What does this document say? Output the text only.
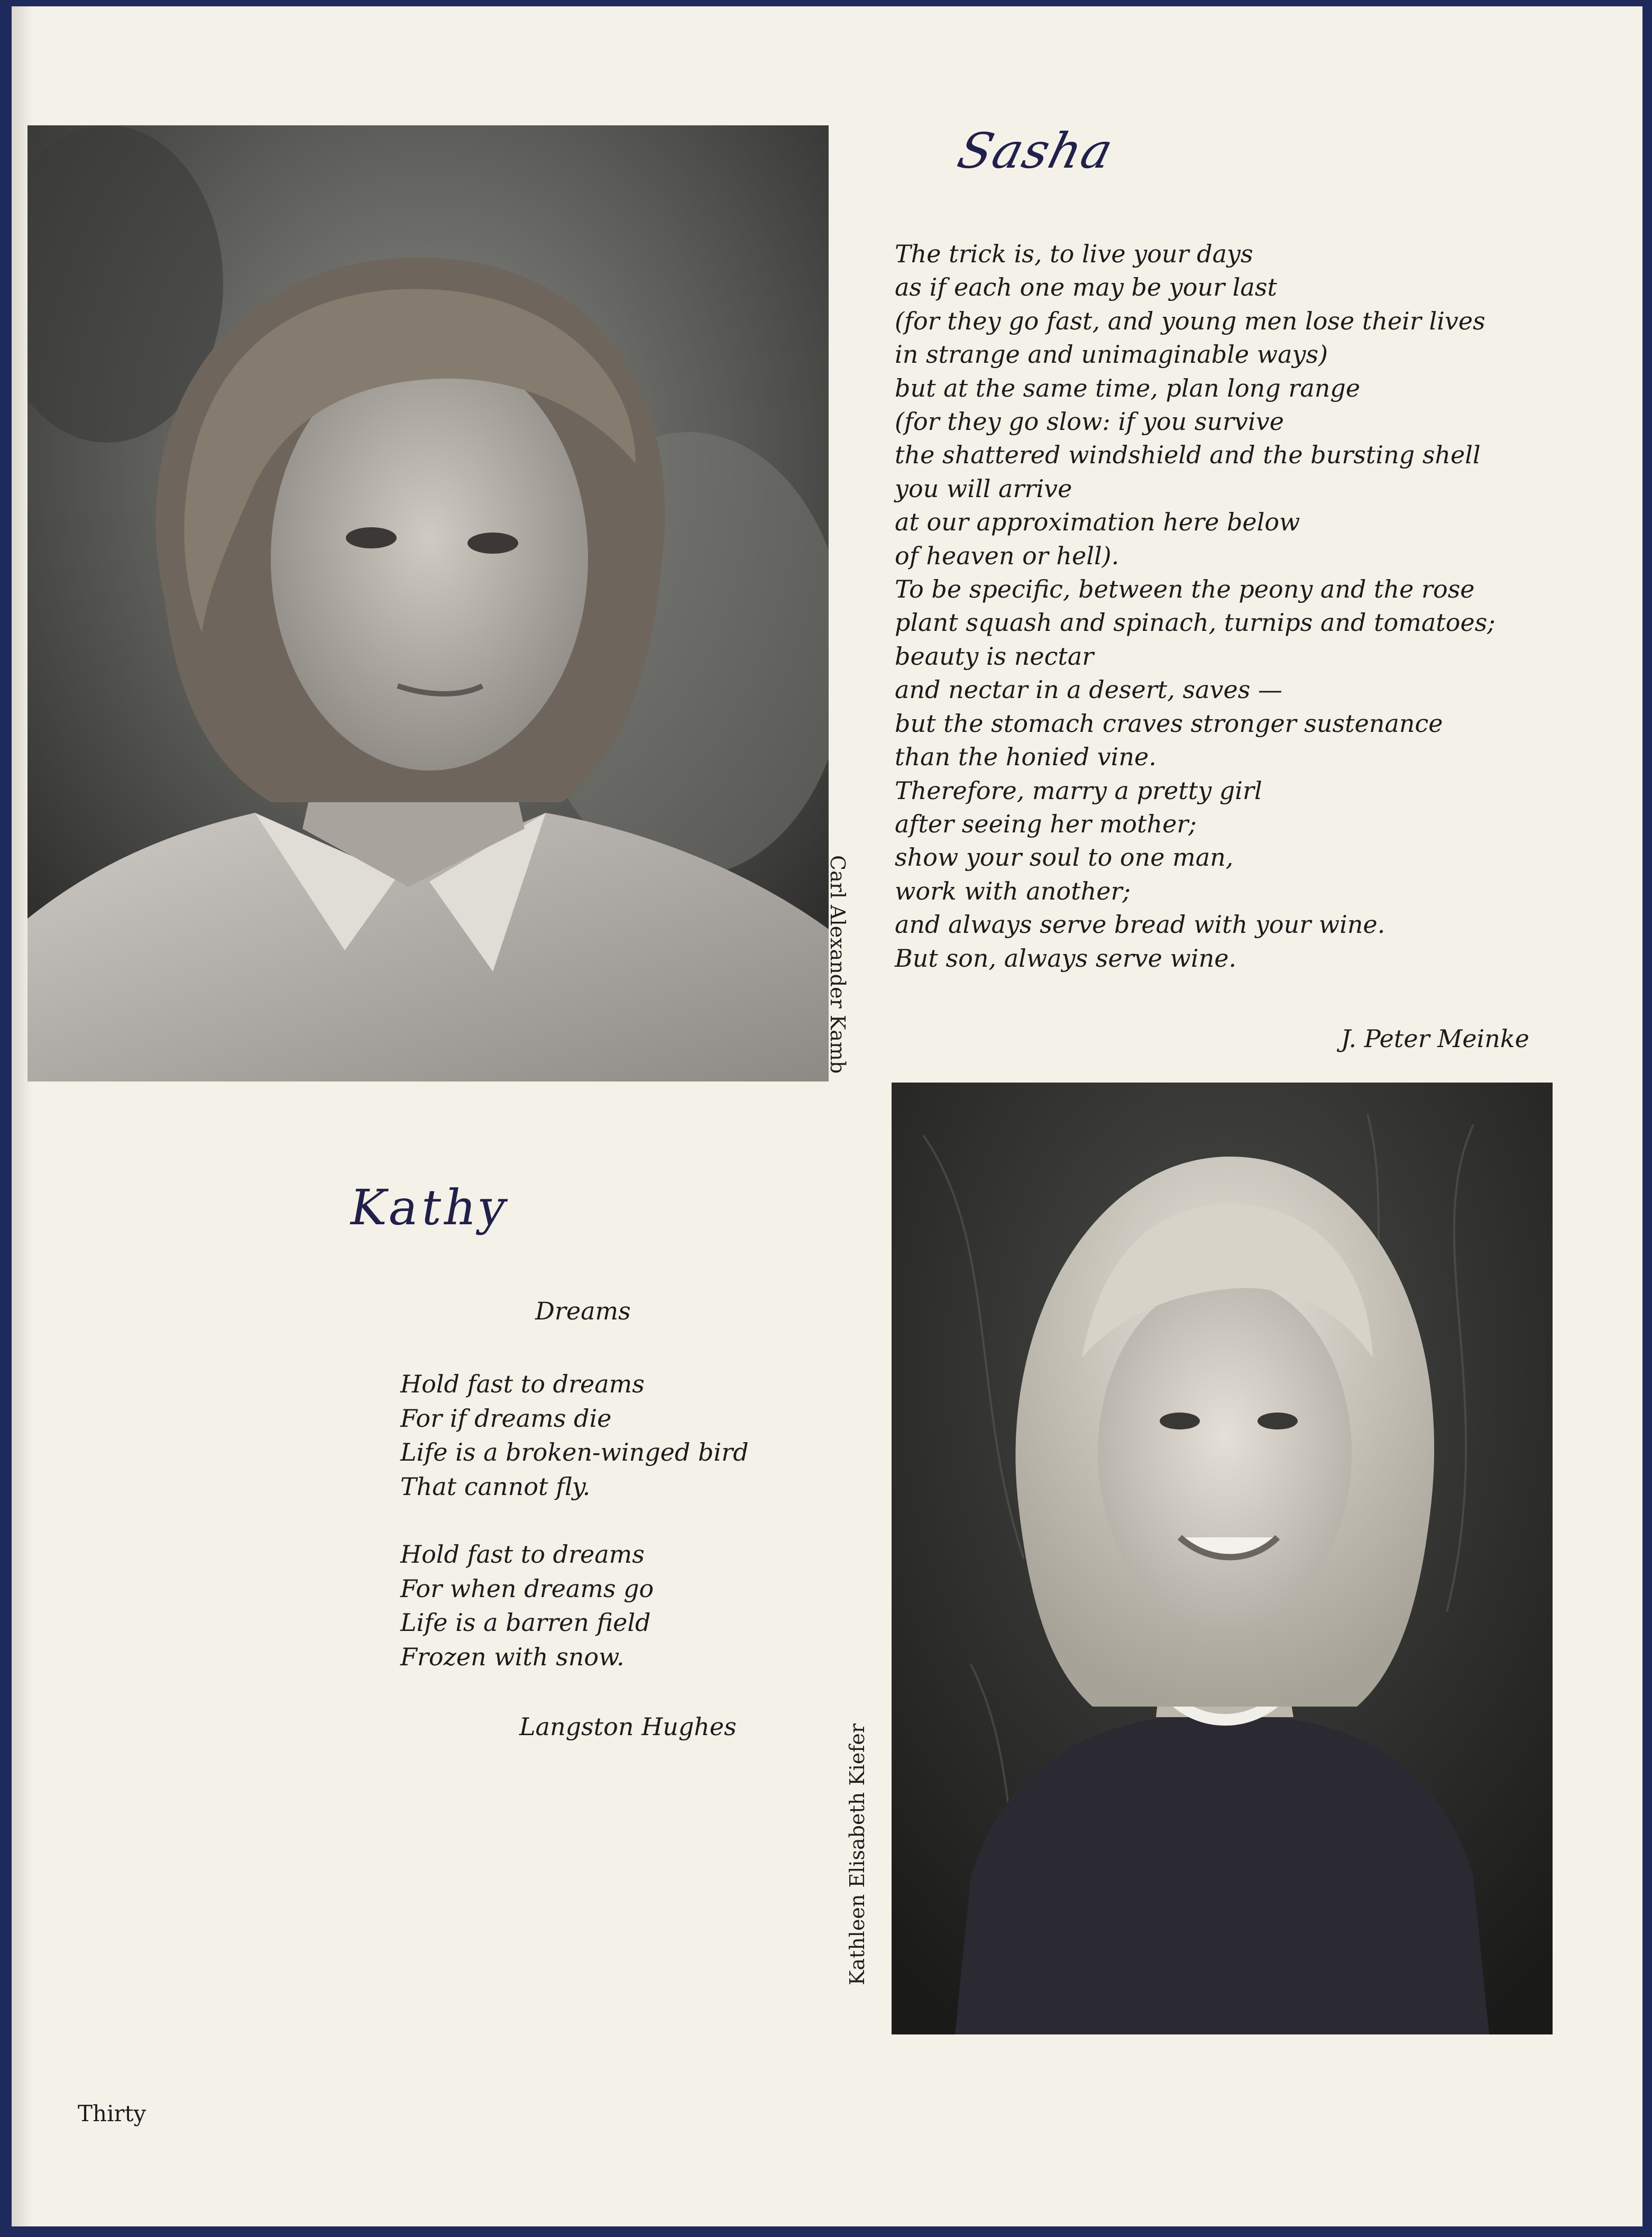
Carl Alexander Kamb
Sasha
The trick is, to live your days
as if each one may be your last
(for they go fast, and young men lose their lives
in strange and unimaginable ways)
but at the same time, plan long range
(for they go slow: if you survive
the shattered windshield and the bursting shell
you will arrive
at our approximation here below
of heaven or hell).
To be specific, between the peony and the rose
plant squash and spinach, turnips and tomatoes;
beauty is nectar
and nectar in a desert, saves —
but the stomach craves stronger sustenance
than the honied vine.
Therefore, marry a pretty girl
after seeing her mother;
show your soul to one man,
work with another;
and always serve bread with your wine.
But son, always serve wine.
J. Peter Meinke
Kathy
Dreams
Hold fast to dreams
For if dreams die
Life is a broken-winged bird
That cannot fly.
Hold fast to dreams
For when dreams go
Life is a barren field
Frozen with snow.
Langston Hughes	Kathleen Elisabeth Kiefer
Thirty
